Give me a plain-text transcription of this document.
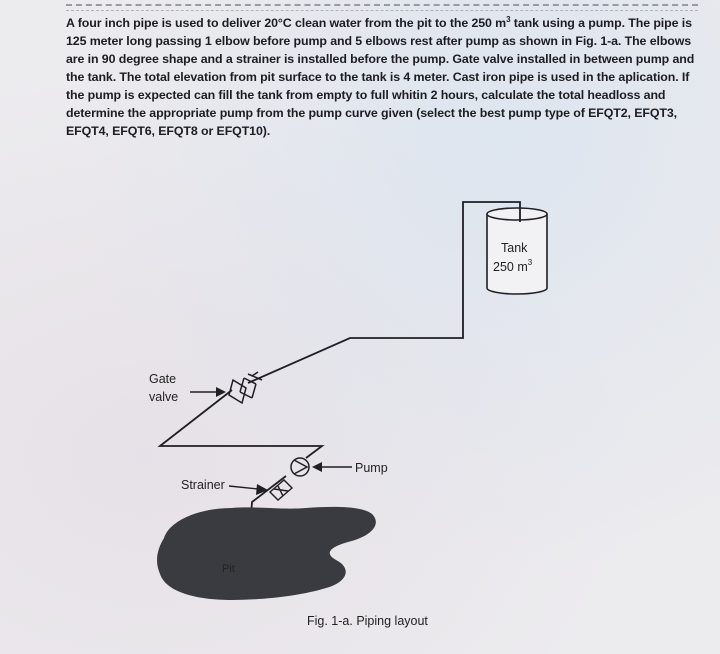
A four inch pipe is used to deliver 20°C clean water from the pit to the 250 $m^3$ tank using a pump. The pipe is 125 meter long passing 1 elbow before pump and 5 elbows rest after pump as shown in Fig. 1-a. The elbows are in 90 degree shape and a strainer is installed before the pump. Gate valve installed in between pump and the tank. The total elevation from pit surface to the tank is 4 meter. Cast iron pipe is used in the aplication. If the pump is expected can fill the tank from empty to full whitin 2 hours, calculate the total headloss and determine the appropriate pump from the pump curve given (select the best pump type of EFQT2, EFQT3, EFQT4, EFQT6, EFQT8 or EFQT10).

Tank
250 $m^3$
Gate
valve
Pump
Strainer
Pit
Fig. 1-a. Piping layout
